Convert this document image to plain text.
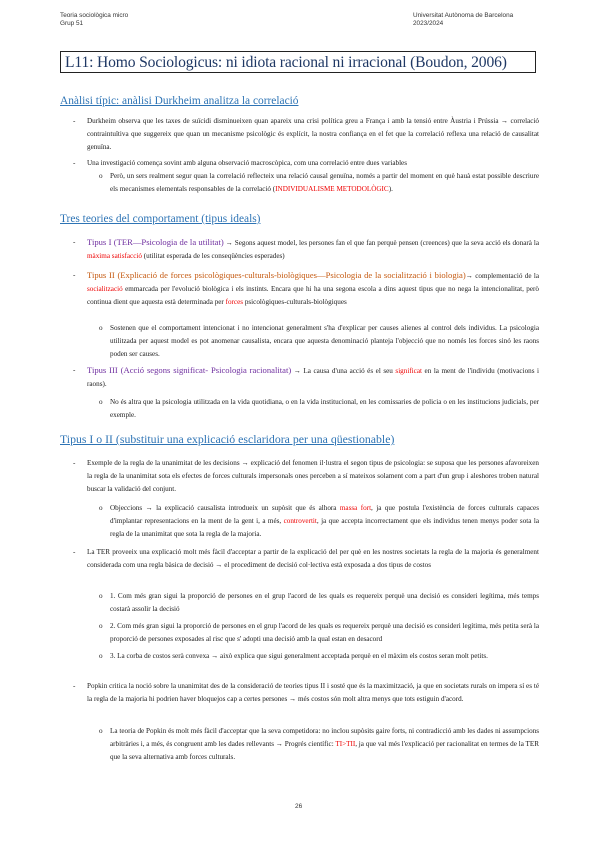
Teoria sociològica micro
Grup 51
Universitat Autònoma de Barcelona
2023/2024
L11: Homo Sociologicus: ni idiota racional ni irracional (Boudon, 2006)
Anàlisi típic: anàlisi Durkheim analitza la correlació
- Durkheim observa que les taxes de suïcidi disminueixen quan apareix una crisi política greu a França i amb la tensió entre Àustria i Prússia → correlació contraintuïtiva que suggereix que quan un mecanisme psicològic és explícit, la nostra confiança en el fet que la correlació reflexa una relació de causalitat genuïna.
- Una investigació comença sovint amb alguna observació macroscòpica, com una correlació entre dues variables
o Però, un sers realment segur quan la correlació reflecteix una relació causal genuïna, només a partir del moment en què hauà estat possible descriure els mecanismes elementals responsables de la correlació (INDIVIDUALISME METODOLÒGIC).
Tres teories del comportament (tipus ideals)
- Tipus I (TER—Psicologia de la utilitat) → Segons aquest model, les persones fan el que fan perquè pensen (creences) que la seva acció els donarà la màxima satisfacció (utilitat esperada de les conseqüències esperades)
- Tipus II (Explicació de forces psicològiques-culturals-biològiques—Psicologia de la socialització i biologia)→ complementació de la socialització emmarcada per l'evolució biològica i els instints. Encara que hi ha una segona escola a dins aquest tipus que no nega la intencionalitat, però continua dient que aquesta està determinada per forces psicològiques-culturals-biològiques
o Sostenen que el comportament intencionat i no intencionat generalment s'ha d'explicar per causes alienes al control dels individus. La psicologia utilitzada per aquest model es pot anomenar causalista, encara que aquesta denominació planteja l'objecció que no només les forces sinó les raons poden ser causes.
- Tipus III (Acció segons significat- Psicologia racionalitat) → La causa d'una acció és el seu significat en la ment de l'individu (motivacions i raons).
o No és altra que la psicologia utilitzada en la vida quotidiana, o en la vida institucional, en les comissaries de policia o en les institucions judicials, per exemple.
Tipus I o II (substituir una explicació escl​aridora per una qüestionable)
- Exemple de la regla de la unanimitat de les decisions → explicació del fenomen il·lustra el segon tipus de psicologia: se suposa que les persones afavoreixen la regla de la unanimitat sota els efectes de forces culturals impersonals ones perceben a sí mateixos solament com a part d'un grup i aleshores troben natural buscar la validació del conjunt.
o Objeccions → la explicació causalista introdueix un supòsit que és alhora massa fort, ja que postula l'existència de forces culturals capaces d'implantar representacions en la ment de la gent i, a més, controvertit, ja que accepta incorrectament que els individus tenen menys poder sota la regla de la unanimitat que sota la regla de la majoria.
- La TER proveeix una explicació molt més fàcil d'acceptar a partir de la explicació del per què en les nostres societats la regla de la majoria és generalment considerada com una regla bàsica de decisió → el procediment de decisió col·lectiva està exposada a dos tipus de costos
o 1. Com més gran sigui la proporció de persones en el grup l'acord de les quals es requereix perquè una decisió es consideri legítima, més temps costarà assolir la decisió
o 2. Com més gran sigui la proporció de persones en el grup l'acord de les quals es requereix perquè una decisió es consideri legítima, més petita serà la proporció de persones exposades al risc que s' adopti una decisió amb la qual estan en desacord
o 3. La corba de costos serà convexa → això explica que sigui generalment acceptada perquè en el màxim els costos seran molt petits.
- Popkin critica la noció sobre la unanimitat des de la consideració de teories tipus II i sosté que és la maximització, ja que en societats rurals on impera sí es té la regla de la majoria hi podrien haver bloquejos cap a certes persones → més costos són molt altra menys que tots estiguin d'acord.
o La teoria de Popkin és molt més fàcil d'acceptar que la seva competidora: no inclou supòsits gaire forts, ni contradicció amb les dades ni assumpcions arbitràries i, a més, és congruent amb les dades rellevants → Progrés científic: TI>TII, ja que val més l'explicació per racionalitat en termes de la TER que la seva alternativa amb forces culturals.
26
